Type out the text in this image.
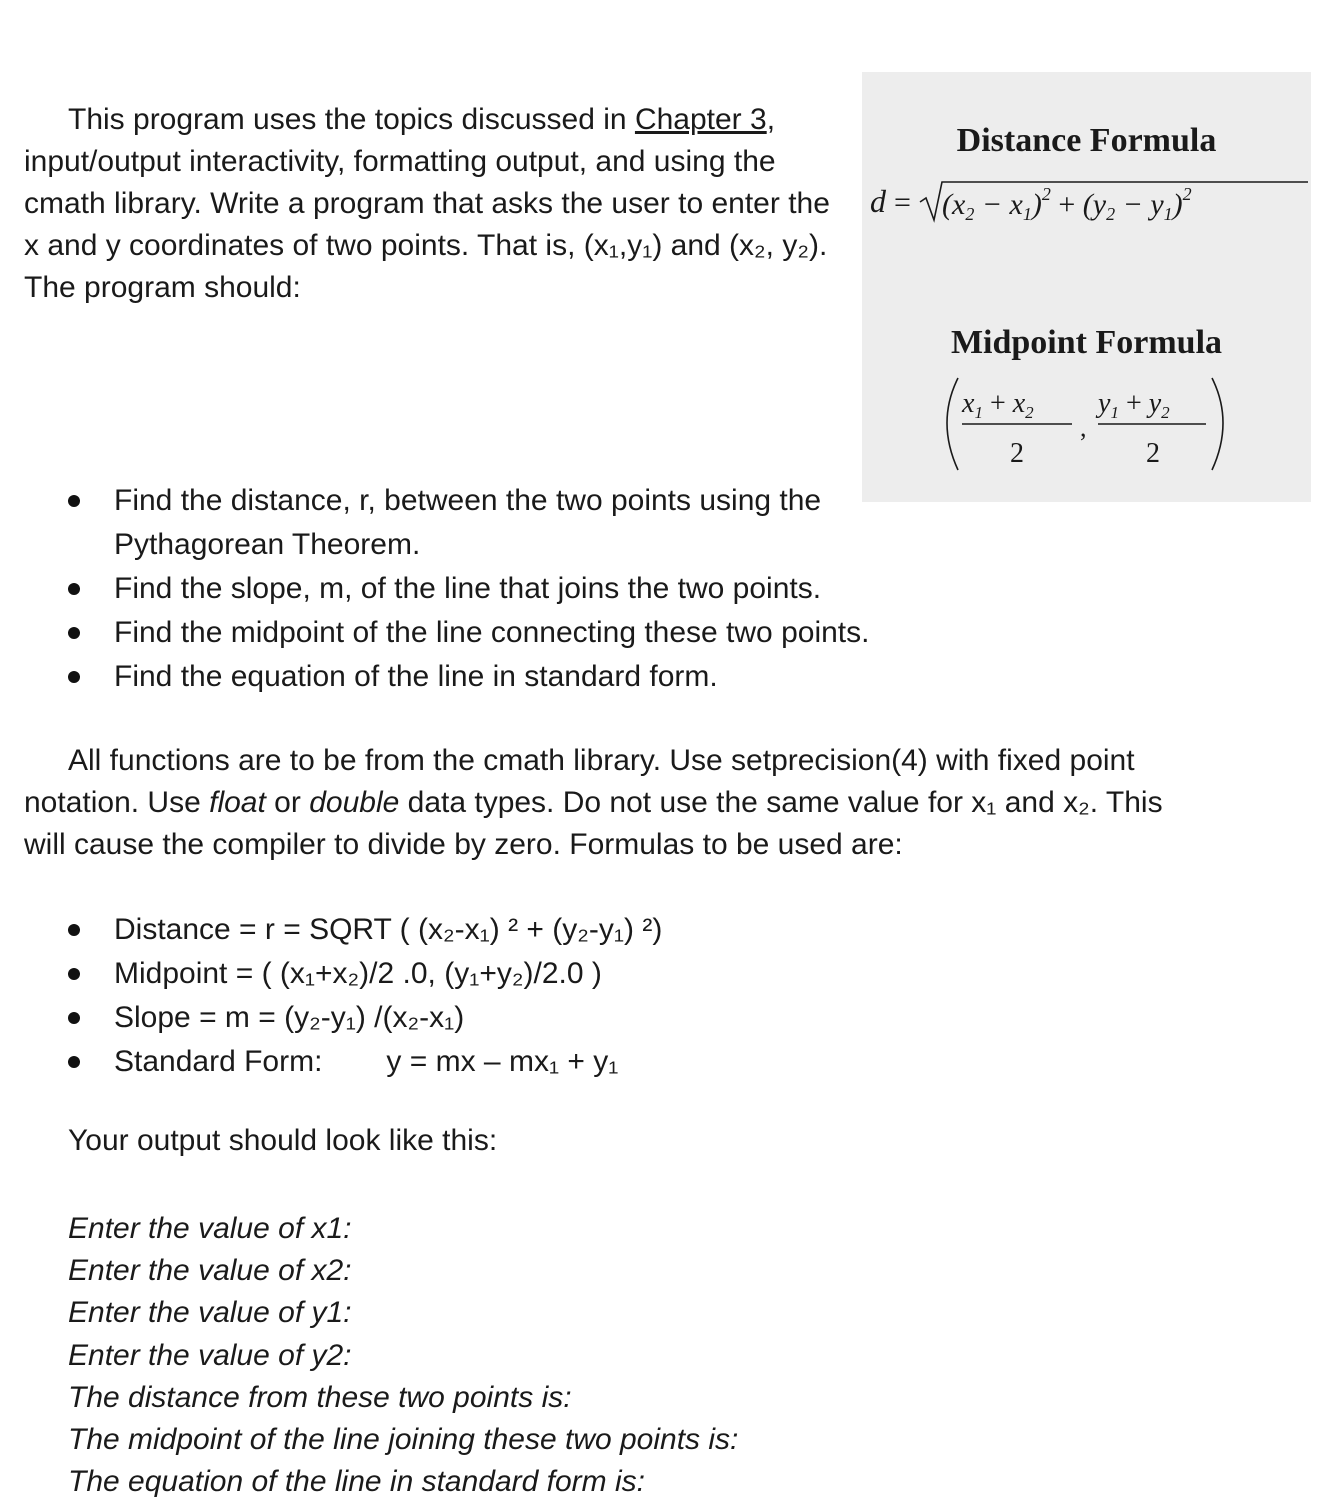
This program uses the topics discussed in Chapter 3, input/output interactivity, formatting output, and using the cmath library. Write a program that asks the user to enter the x and y coordinates of two points. That is, (x₁,y₁) and (x₂, y₂). The program should:

Distance Formula
$d = (x_2 - x_1)^2 + (y_2 - y_1)^2$
Midpoint Formula
$x_1 + x_2$
2
,
$y_1 + y_2$
2
Find the distance, r, between the two points using the Pythagorean Theorem.
Find the slope, m, of the line that joins the two points.
Find the midpoint of the line connecting these two points.
Find the equation of the line in standard form.

All functions are to be from the cmath library. Use setprecision(4) with fixed point notation. Use float or double data types. Do not use the same value for x₁ and x₂. This will cause the compiler to divide by zero. Formulas to be used are:

Distance = r = SQRT ( (x₂-x₁) ² + (y₂-y₁) ²)
Midpoint = ( (x₁+x₂)/2 .0, (y₁+y₂)/2.0 )
Slope = m = (y₂-y₁) /(x₂-x₁)
Standard Form: y = mx – mx₁ + y₁

Your output should look like this:

Enter the value of x1:
Enter the value of x2:
Enter the value of y1:
Enter the value of y2:
The distance from these two points is:
The midpoint of the line joining these two points is:
The equation of the line in standard form is:
